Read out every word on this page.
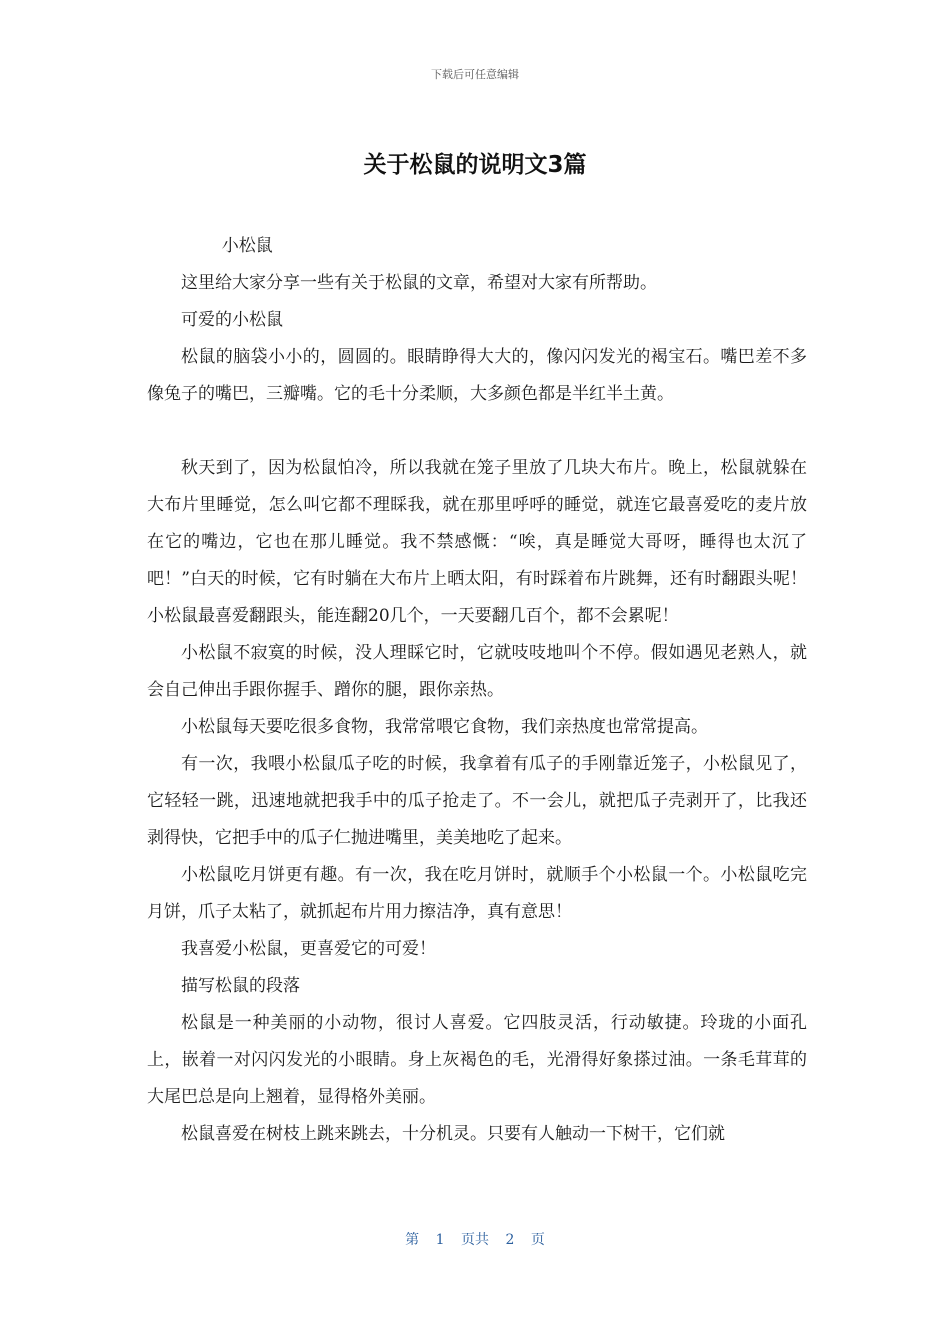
下载后可任意编辑
关于松鼠的说明文3篇

小松鼠

这里给大家分享一些有关于松鼠的文章，希望对大家有所帮助。

可爱的小松鼠

松鼠的脑袋小小的，圆圆的。眼睛睁得大大的，像闪闪发光的褐宝石。嘴巴差不多像兔子的嘴巴，三瓣嘴。它的毛十分柔顺，大多颜色都是半红半土黄。

秋天到了，因为松鼠怕冷，所以我就在笼子里放了几块大布片。晚上，松鼠就躲在大布片里睡觉，怎么叫它都不理睬我，就在那里呼呼的睡觉，就连它最喜爱吃的麦片放在它的嘴边，它也在那儿睡觉。我不禁感慨：“唉，真是睡觉大哥呀，睡得也太沉了吧！”白天的时候，它有时躺在大布片上晒太阳，有时踩着布片跳舞，还有时翻跟头呢！小松鼠最喜爱翻跟头，能连翻20几个，一天要翻几百个，都不会累呢！

小松鼠不寂寞的时候，没人理睬它时，它就吱吱地叫个不停。假如遇见老熟人，就会自己伸出手跟你握手、蹭你的腿，跟你亲热。

小松鼠每天要吃很多食物，我常常喂它食物，我们亲热度也常常提高。

有一次，我喂小松鼠瓜子吃的时候，我拿着有瓜子的手刚靠近笼子，小松鼠见了，它轻轻一跳，迅速地就把我手中的瓜子抢走了。不一会儿，就把瓜子壳剥开了，比我还剥得快，它把手中的瓜子仁抛进嘴里，美美地吃了起来。

小松鼠吃月饼更有趣。有一次，我在吃月饼时，就顺手个小松鼠一个。小松鼠吃完月饼，爪子太粘了，就抓起布片用力擦洁净，真有意思！

我喜爱小松鼠，更喜爱它的可爱！

描写松鼠的段落

松鼠是一种美丽的小动物，很讨人喜爱。它四肢灵活，行动敏捷。玲珑的小面孔上，嵌着一对闪闪发光的小眼睛。身上灰褐色的毛，光滑得好象搽过油。一条毛茸茸的大尾巴总是向上翘着，显得格外美丽。

松鼠喜爱在树枝上跳来跳去，十分机灵。只要有人触动一下树干，它们就

第 1 页共 2 页
